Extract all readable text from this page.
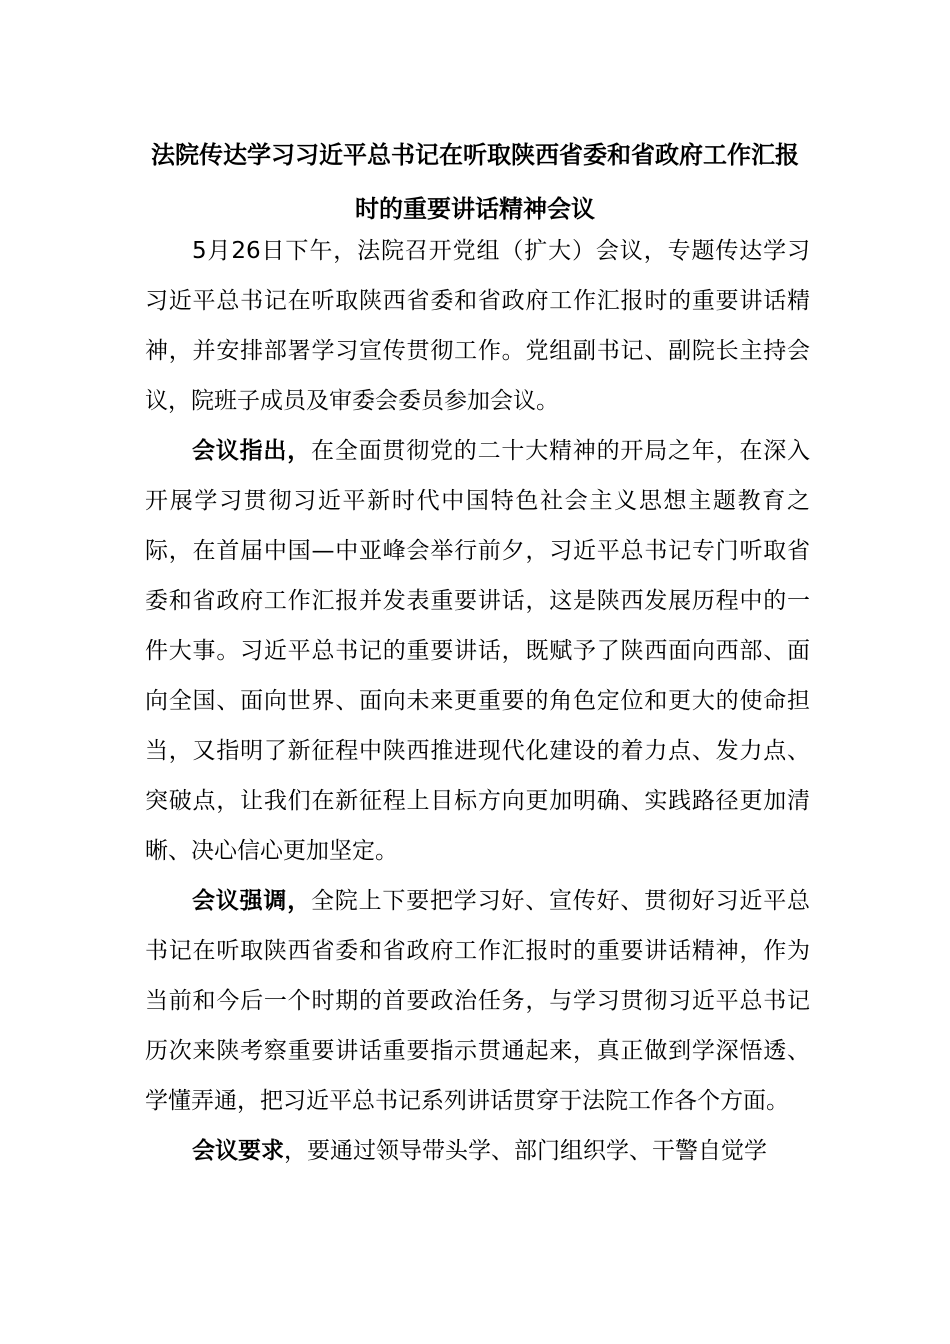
法院传达学习习近平总书记在听取陕西省委和省政府工作汇报时的重要讲话精神会议

5月26日下午，法院召开党组（扩大）会议，专题传达学习习近平总书记在听取陕西省委和省政府工作汇报时的重要讲话精神，并安排部署学习宣传贯彻工作。党组副书记、副院长主持会议，院班子成员及审委会委员参加会议。

会议指出，在全面贯彻党的二十大精神的开局之年，在深入开展学习贯彻习近平新时代中国特色社会主义思想主题教育之际，在首届中国—中亚峰会举行前夕，习近平总书记专门听取省委和省政府工作汇报并发表重要讲话，这是陕西发展历程中的一件大事。习近平总书记的重要讲话，既赋予了陕西面向西部、面向全国、面向世界、面向未来更重要的角色定位和更大的使命担当，又指明了新征程中陕西推进现代化建设的着力点、发力点、突破点，让我们在新征程上目标方向更加明确、实践路径更加清晰、决心信心更加坚定。

会议强调，全院上下要把学习好、宣传好、贯彻好习近平总书记在听取陕西省委和省政府工作汇报时的重要讲话精神，作为当前和今后一个时期的首要政治任务，与学习贯彻习近平总书记历次来陕考察重要讲话重要指示贯通起来，真正做到学深悟透、学懂弄通，把习近平总书记系列讲话贯穿于法院工作各个方面。

会议要求，要通过领导带头学、部门组织学、干警自觉学
